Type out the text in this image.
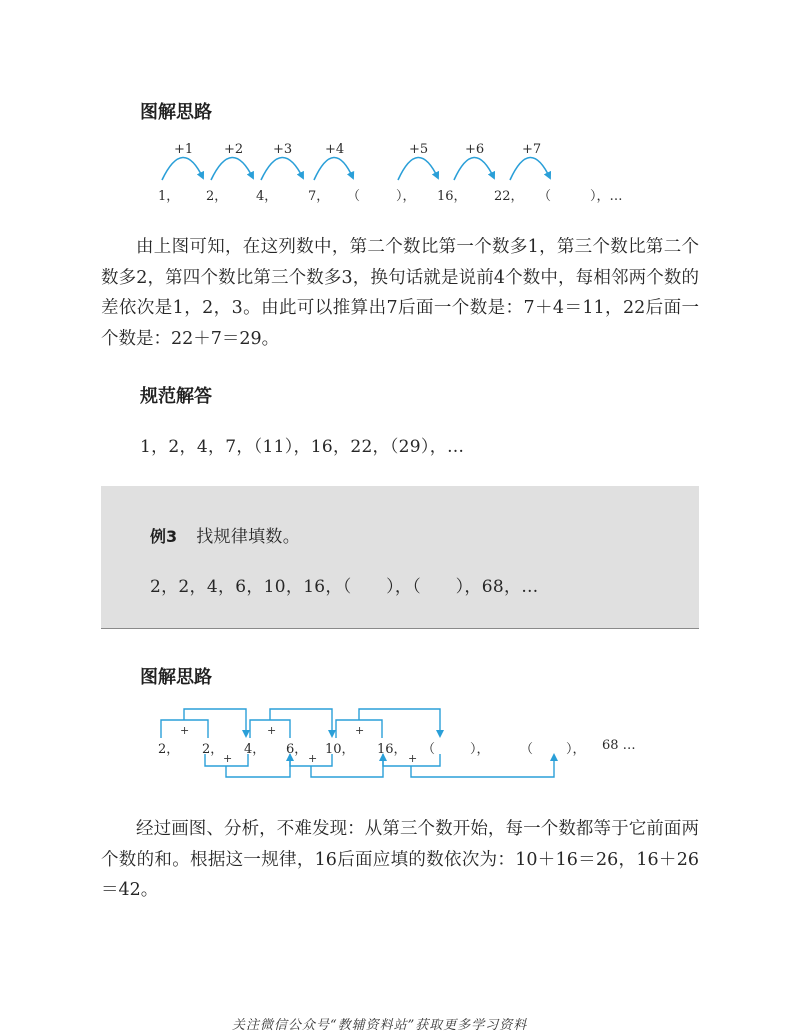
图解思路
+1 +2 +3	+4	+5	+6	+7
1， 2， 4， 7， （	）， 16， 22， （	），…
由上图可知，在这列数中，第二个数比第一个数多1，第三个数比第二个数多2，第四个数比第三个数多3，换句话就是说前4个数中，每相邻两个数的差依次是1，2，3。由此可以推算出7后面一个数是：7＋4＝11，22后面一个数是：22＋7＝29。
规范解答
1，2，4，7，（11），16，22，（29），…
例3 找规律填数。
2，2，4，6，10，16，（　　），（　　），68，…
图解思路
+	+	+
+	+	+
2， 2， 4， 6， 10， 16， （	）， （	）， 68 …
经过画图、分析，不难发现：从第三个数开始，每一个数都等于它前面两个数的和。根据这一规律，16后面应填的数依次为：10＋16＝26，16＋26＝42。
关注微信公众号“教辅资料站”获取更多学习资料
